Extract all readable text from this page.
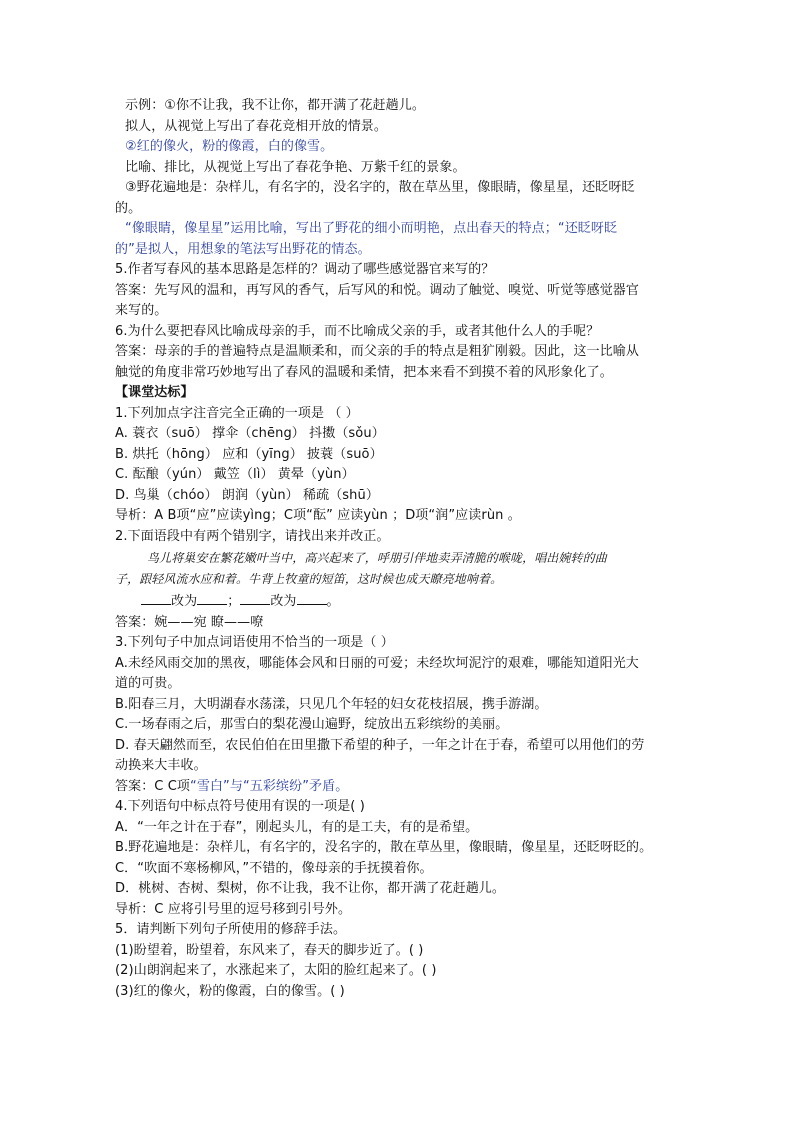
示例：①你不让我，我不让你，都开满了花赶趟儿。
拟人，从视觉上写出了春花竞相开放的情景。
②红的像火，粉的像霞，白的像雪。
比喻、排比，从视觉上写出了春花争艳、万紫千红的景象。
③野花遍地是：杂样儿，有名字的，没名字的，散在草丛里，像眼睛，像星星，还眨呀眨
的。
“像眼睛，像星星”运用比喻，写出了野花的细小而明艳，点出春天的特点；“还眨呀眨
的”是拟人，用想象的笔法写出野花的情态。
5.作者写春风的基本思路是怎样的？调动了哪些感觉器官来写的？
答案：先写风的温和，再写风的香气，后写风的和悦。调动了触觉、嗅觉、听觉等感觉器官
来写的。
6.为什么要把春风比喻成母亲的手，而不比喻成父亲的手，或者其他什么人的手呢？
答案：母亲的手的普遍特点是温顺柔和，而父亲的手的特点是粗犷刚毅。因此，这一比喻从
触觉的角度非常巧妙地写出了春风的温暖和柔情，把本来看不到摸不着的风形象化了。
【课堂达标】
1.下列加点字注音完全正确的一项是 （ ）
A. 蓑衣（suō） 撑伞（chēng） 抖擞（sǒu）
B. 烘托（hōng） 应和（yīng） 披蓑（suō）
C. 酝酿（yún） 戴笠（lì） 黄晕（yùn）
D. 鸟巢（chóo） 朗润（yùn） 稀疏（shū）
导析：A B项“应”应读yìng；C项“酝” 应读yùn ；D项“润”应读rùn 。
2.下面语段中有两个错别字，请找出来并改正。
鸟儿将巢安在繁花嫩叶当中，高兴起来了，呼朋引伴地卖弄清脆的喉咙，唱出婉转的曲
子，跟轻风流水应和着。牛背上牧童的短笛，这时候也成天瞭亮地响着。
改为 ； 改为 。
答案：婉——宛 瞭——嘹
3.下列句子中加点词语使用不恰当的一项是（ ）
A.未经风雨交加的黑夜，哪能体会风和日丽的可爱；未经坎坷泥泞的艰难，哪能知道阳光大
道的可贵。
B.阳春三月，大明湖春水荡漾，只见几个年轻的妇女花枝招展，携手游湖。
C.一场春雨之后，那雪白的梨花漫山遍野，绽放出五彩缤纷的美丽。
D. 春天翩然而至，农民伯伯在田里撒下希望的种子，一年之计在于春，希望可以用他们的劳
动换来大丰收。
答案：C C项“雪白”与“五彩缤纷”矛盾。
4.下列语句中标点符号使用有误的一项是( )
A．“一年之计在于春”，刚起头儿，有的是工夫，有的是希望。
B.野花遍地是：杂样儿，有名字的，没名字的，散在草丛里，像眼睛，像星星，还眨呀眨的。
C．“吹面不寒杨柳风，”不错的，像母亲的手抚摸着你。
D．桃树、杏树、梨树，你不让我，我不让你，都开满了花赶趟儿。
导析：C 应将引号里的逗号移到引号外。
5．请判断下列句子所使用的修辞手法。
(1)盼望着，盼望着，东风来了，春天的脚步近了。( )
(2)山朗润起来了，水涨起来了，太阳的脸红起来了。( )
(3)红的像火，粉的像霞，白的像雪。( )
